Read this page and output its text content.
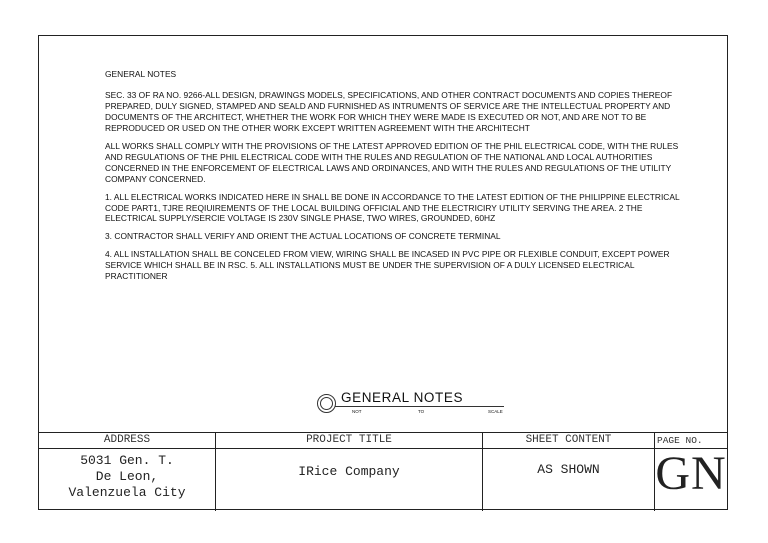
GENERAL NOTES

SEC. 33 OF RA NO. 9266-ALL DESIGN, DRAWINGS MODELS, SPECIFICATIONS, AND OTHER CONTRACT DOCUMENTS AND COPIES THEREOF PREPARED, DULY SIGNED, STAMPED AND SEALD AND FURNISHED AS INTRUMENTS OF SERVICE ARE THE INTELLECTUAL PROPERTY AND DOCUMENTS OF THE ARCHITECT, WHETHER THE WORK FOR WHICH THEY WERE MADE IS EXECUTED OR NOT, AND ARE NOT TO BE REPRODUCED OR USED ON THE OTHER WORK EXCEPT WRITTEN AGREEMENT WITH THE ARCHITECHT

ALL WORKS SHALL COMPLY WITH THE PROVISIONS OF THE LATEST APPROVED EDITION OF THE PHIL ELECTRICAL CODE, WITH THE RULES AND REGULATIONS OF THE PHIL ELECTRICAL CODE WITH THE RULES AND REGULATION OF THE NATIONAL AND LOCAL AUTHORITIES CONCERNED IN THE ENFORCEMENT OF ELECTRICAL LAWS AND ORDINANCES, AND WITH THE RULES AND REGULATIONS OF THE UTILITY COMPANY CONCERNED.

1. ALL ELECTRICAL WORKS INDICATED HERE IN SHALL BE DONE IN ACCORDANCE TO THE LATEST EDITION OF THE PHILIPPINE ELECTRICAL CODE PART1, TJRE REQIUIREMENTS OF THE LOCAL BUILDING OFFICIAL AND THE ELECTRICIRY UTILITY SERVING THE AREA. 2 THE ELECTRICAL SUPPLY/SERCIE VOLTAGE IS 230V SINGLE PHASE, TWO WIRES, GROUNDED, 60HZ

3. CONTRACTOR SHALL VERIFY AND ORIENT THE ACTUAL LOCATIONS OF CONCRETE TERMINAL

4. ALL INSTALLATION SHALL BE CONCELED FROM VIEW, WIRING SHALL BE INCASED IN PVC PIPE OR FLEXIBLE CONDUIT, EXCEPT POWER SERVICE WHICH SHALL BE IN RSC. 5. ALL INSTALLATIONS MUST BE UNDER THE SUPERVISION OF A DULY LICENSED ELECTRICAL PRACTITIONER

GENERAL NOTES
NOT	TO	SCALE
ADDRESS
5031 Gen. T.
De Leon,
Valenzuela City
PROJECT TITLE
IRice Company
SHEET CONTENT
AS SHOWN
PAGE NO.
GN
